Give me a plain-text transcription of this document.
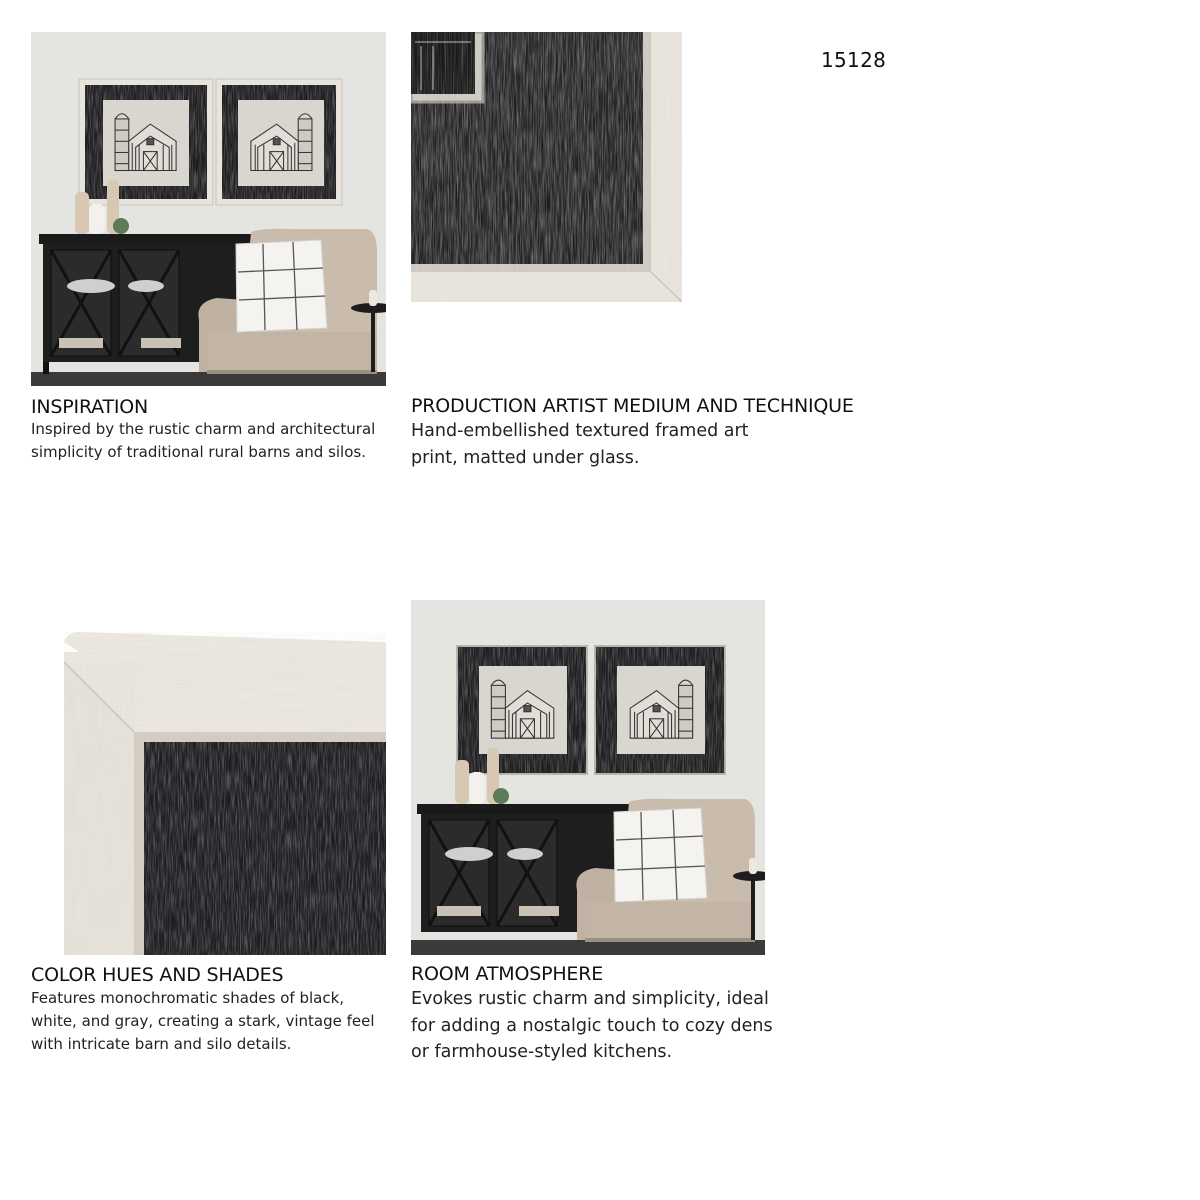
15128
INSPIRATION
Inspired by the rustic charm and architectural simplicity of traditional rural barns and silos.
PRODUCTION ARTIST MEDIUM AND TECHNIQUE
Hand-embellished textured framed art print, matted under glass.
COLOR HUES AND SHADES
Features monochromatic shades of black, white, and gray, creating a stark, vintage feel with intricate barn and silo details.
ROOM ATMOSPHERE
Evokes rustic charm and simplicity, ideal for adding a nostalgic touch to cozy dens or farmhouse-styled kitchens.
